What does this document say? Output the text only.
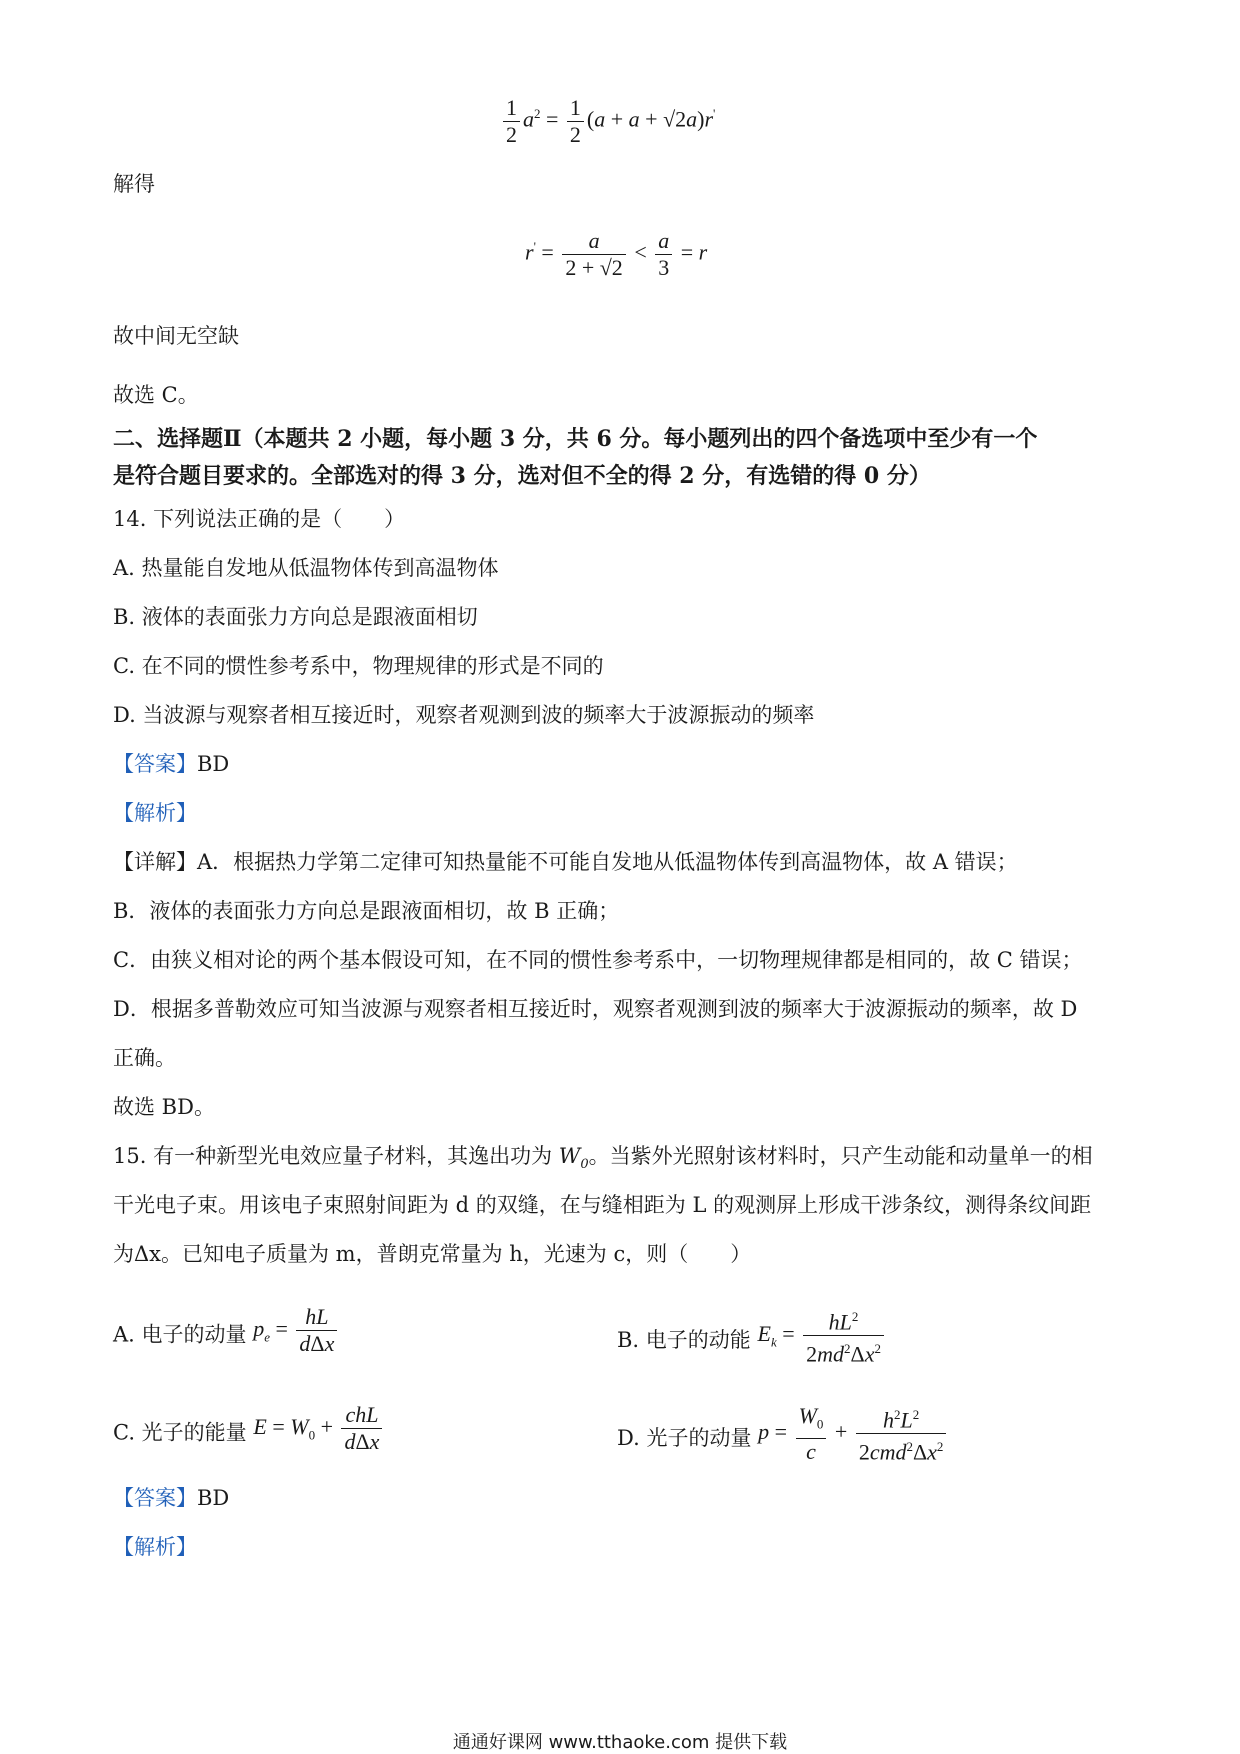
$\frac{1}{2} a^2 = \frac{1}{2} (a + a + √2a)r'$
解得
$r' = \frac{a}{2 + √2} < \frac{a}{3} = r$
故中间无空缺
故选 C。
二、选择题Ⅱ（本题共 2 小题，每小题 3 分，共 6 分。每小题列出的四个备选项中至少有一个
是符合题目要求的。全部选对的得 3 分，选对但不全的得 2 分，有选错的得 0 分）
14. 下列说法正确的是（　　）
A. 热量能自发地从低温物体传到高温物体
B. 液体的表面张力方向总是跟液面相切
C. 在不同的惯性参考系中，物理规律的形式是不同的
D. 当波源与观察者相互接近时，观察者观测到波的频率大于波源振动的频率
【答案】BD
【解析】
【详解】A．根据热力学第二定律可知热量能不可能自发地从低温物体传到高温物体，故 A 错误；
B．液体的表面张力方向总是跟液面相切，故 B 正确；
C．由狭义相对论的两个基本假设可知，在不同的惯性参考系中，一切物理规律都是相同的，故 C 错误；
D．根据多普勒效应可知当波源与观察者相互接近时，观察者观测到波的频率大于波源振动的频率，故 D
正确。
故选 BD。
15. 有一种新型光电效应量子材料，其逸出功为 $W_0$。当紫外光照射该材料时，只产生动能和动量单一的相
干光电子束。用该电子束照射间距为 d 的双缝，在与缝相距为 L 的观测屏上形成干涉条纹，测得条纹间距
为Δx。已知电子质量为 m，普朗克常量为 h，光速为 c，则（　　）
A. 电子的动量 $p_e = \frac{hL}{\text{dΔx}}$	B. 电子的动能 $E_k = \frac{hL^2}{2md^2\Delta x^2}$
C. 光子的能量 $E = W_0 + \frac{\text{chL}}{\text{dΔx}}$	D. 光子的动量 $p = \frac{W_0}{c} + \frac{h^2L^2}{2cmd^2\Delta x^2}$
【答案】BD
【解析】
通通好课网 www.tthaoke.com 提供下载
